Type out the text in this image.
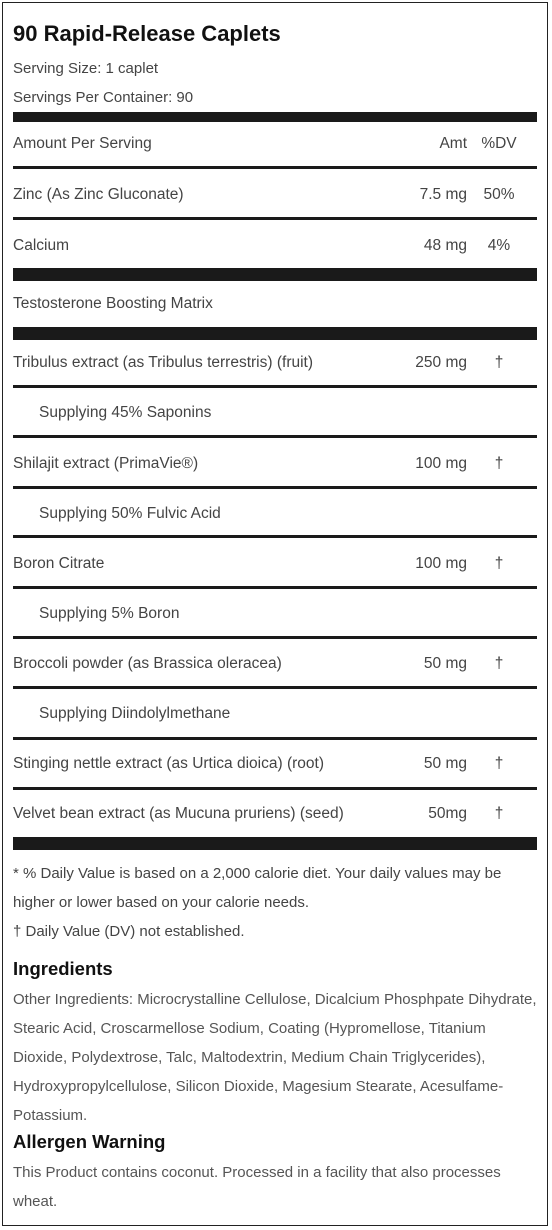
90 Rapid-Release Caplets
Serving Size: 1 caplet
Servings Per Container: 90
Amount Per Serving	Amt %DV
Zinc (As Zinc Gluconate)	7.5 mg 50%
Calcium	48 mg	4%
Testosterone Boosting Matrix
Tribulus extract (as Tribulus terrestris) (fruit)	250 mg	†
Supplying 45% Saponins
Shilajit extract (PrimaVie®)	100 mg	†
Supplying 50% Fulvic Acid
Boron Citrate	100 mg	†
Supplying 5% Boron
Broccoli powder (as Brassica oleracea)	50 mg	†
Supplying Diindolylmethane
Stinging nettle extract (as Urtica dioica) (root)	50 mg	†
Velvet bean extract (as Mucuna pruriens) (seed)	50mg	†
* % Daily Value is based on a 2,000 calorie diet. Your daily values may be higher or lower based on your calorie needs.
† Daily Value (DV) not established.
Ingredients
Other Ingredients: Microcrystalline Cellulose, Dicalcium Phosphpate Dihydrate, Stearic Acid, Croscarmellose Sodium, Coating (Hypromellose, Titanium Dioxide, Polydextrose, Talc, Maltodextrin, Medium Chain Triglycerides), Hydroxypropylcellulose, Silicon Dioxide, Magesium Stearate, Acesulfame-Potassium.
Allergen Warning
This Product contains coconut. Processed in a facility that also processes wheat.
